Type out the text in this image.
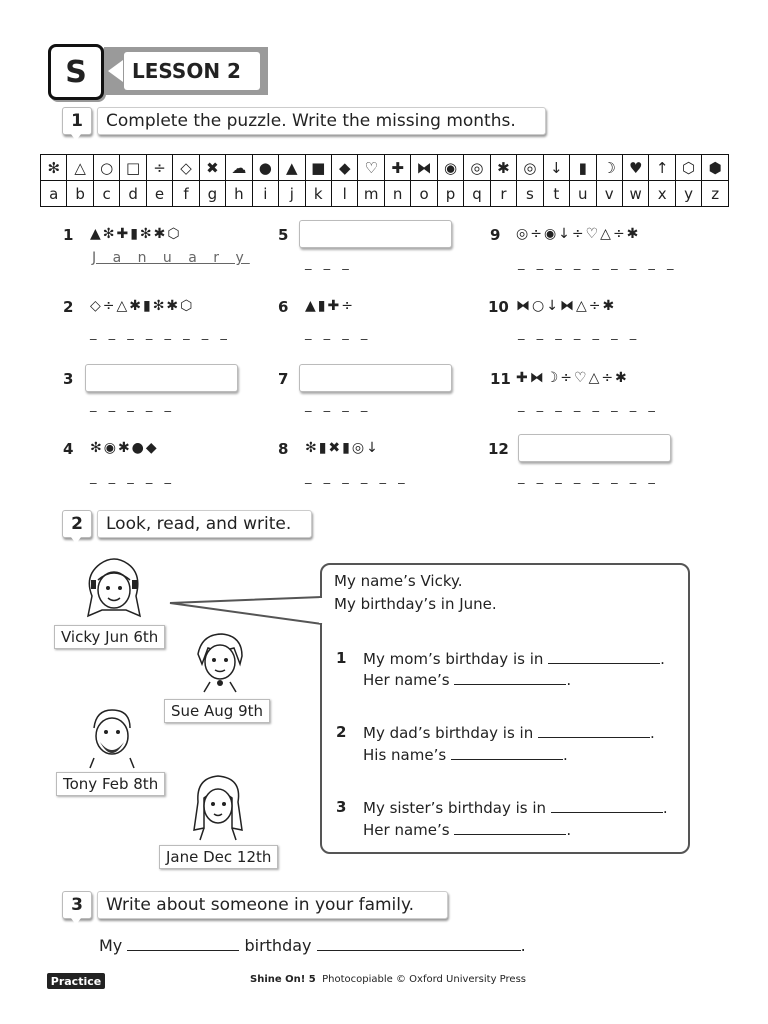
LESSON 2
S
1	Complete the puzzle. Write the missing months.
✻	△	○	□	÷	◇	✖	☁	●	▲	■	◆	♡	✚	⧓	◉	◎	✱	◎	↓	▮	☽	♥	↑	⬡	⬢
a	b	c	d	e	f	g	h	i	j	k	l	m	n	o	p	q	r	s	t	u	v	w	x	y	z
1 ▲✻✚▮✻✱⬡
J a n u a r y
2 ◇÷△✱▮✻✱⬡
_ _ _ _ _ _ _ _
3
_ _ _ _ _
4 ✻◉✱●◆
_ _ _ _ _
5
_ _ _
6 ▲▮✚÷
_ _ _ _
7
_ _ _ _
8 ✻▮✖▮◎↓
_ _ _ _ _ _
9 ◎÷◉↓÷♡△÷✱
_ _ _ _ _ _ _ _ _
10 ⧓○↓⧓△÷✱
_ _ _ _ _ _ _
11 ✚⧓☽÷♡△÷✱
_ _ _ _ _ _ _ _
12
_ _ _ _ _ _ _ _
2	Look, read, and write.
Vicky Jun 6th
Sue Aug 9th
Tony Feb 8th
Jane Dec 12th
My name’s Vicky.
My birthday’s in June.
1 My mom’s birthday is in	.
Her name’s	.
2 My dad’s birthday is in	.
His name’s	.
3 My sister’s birthday is in	.
Her name’s	.
3	Write about someone in your family.
My	birthday	.
Practice	Shine On! 5 Photocopiable © Oxford University Press
